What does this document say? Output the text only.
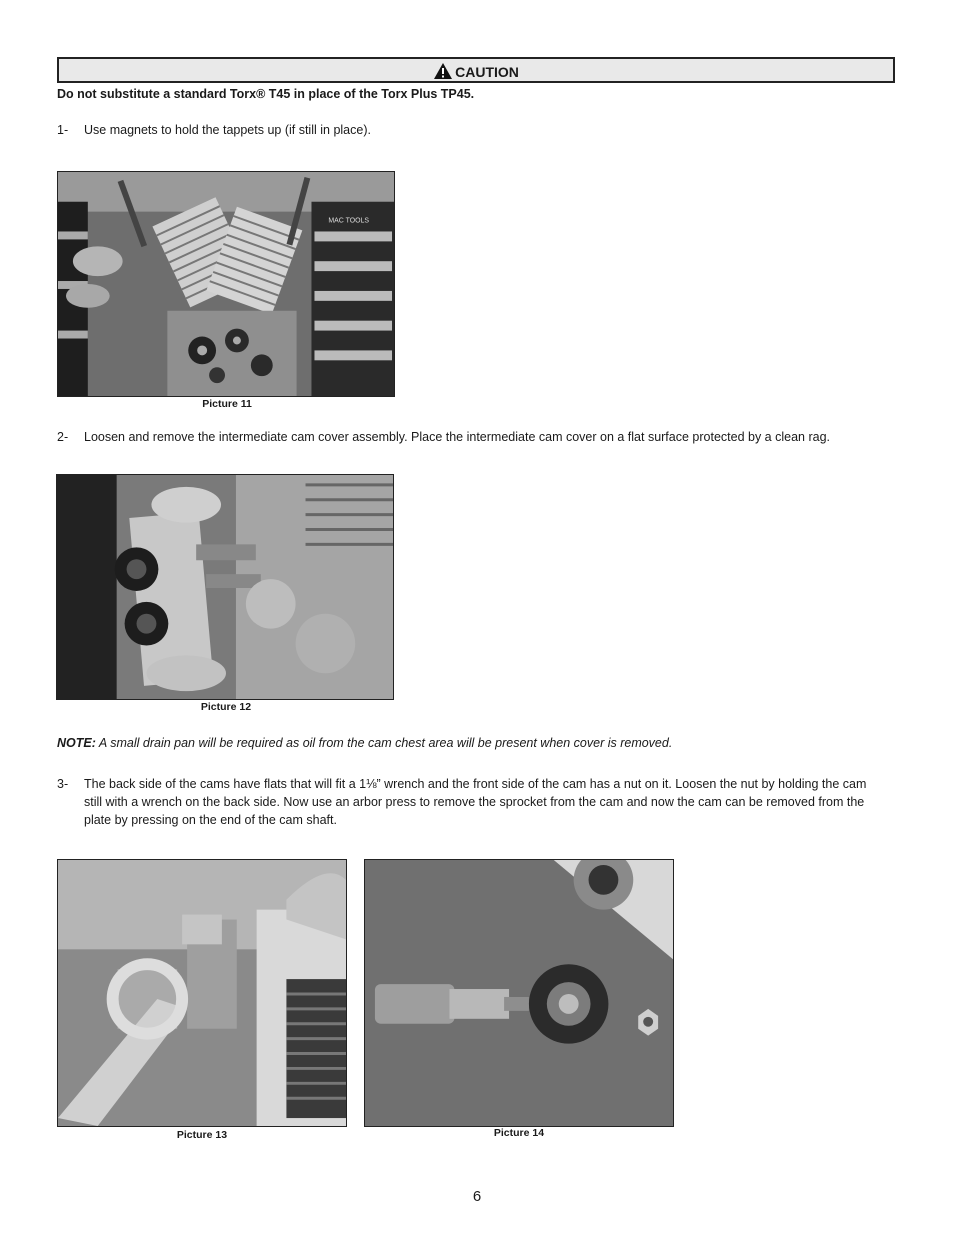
CAUTION
Do not substitute a standard Torx® T45 in place of the Torx Plus TP45.
1- Use magnets to hold the tappets up (if still in place).
MAC TOOLS
Picture 11
2- Loosen and remove the intermediate cam cover assembly. Place the intermediate cam cover on a flat surface protected by a clean rag.
Picture 12
NOTE: A small drain pan will be required as oil from the cam chest area will be present when cover is removed.
3- The back side of the cams have flats that will fit a 1⅛” wrench and the front side of the cam has a nut on it. Loosen the nut by holding the cam
still with a wrench on the back side. Now use an arbor press to remove the sprocket from the cam and now the cam can be removed from the
plate by pressing on the end of the cam shaft.
Picture 13	Picture 14
6
